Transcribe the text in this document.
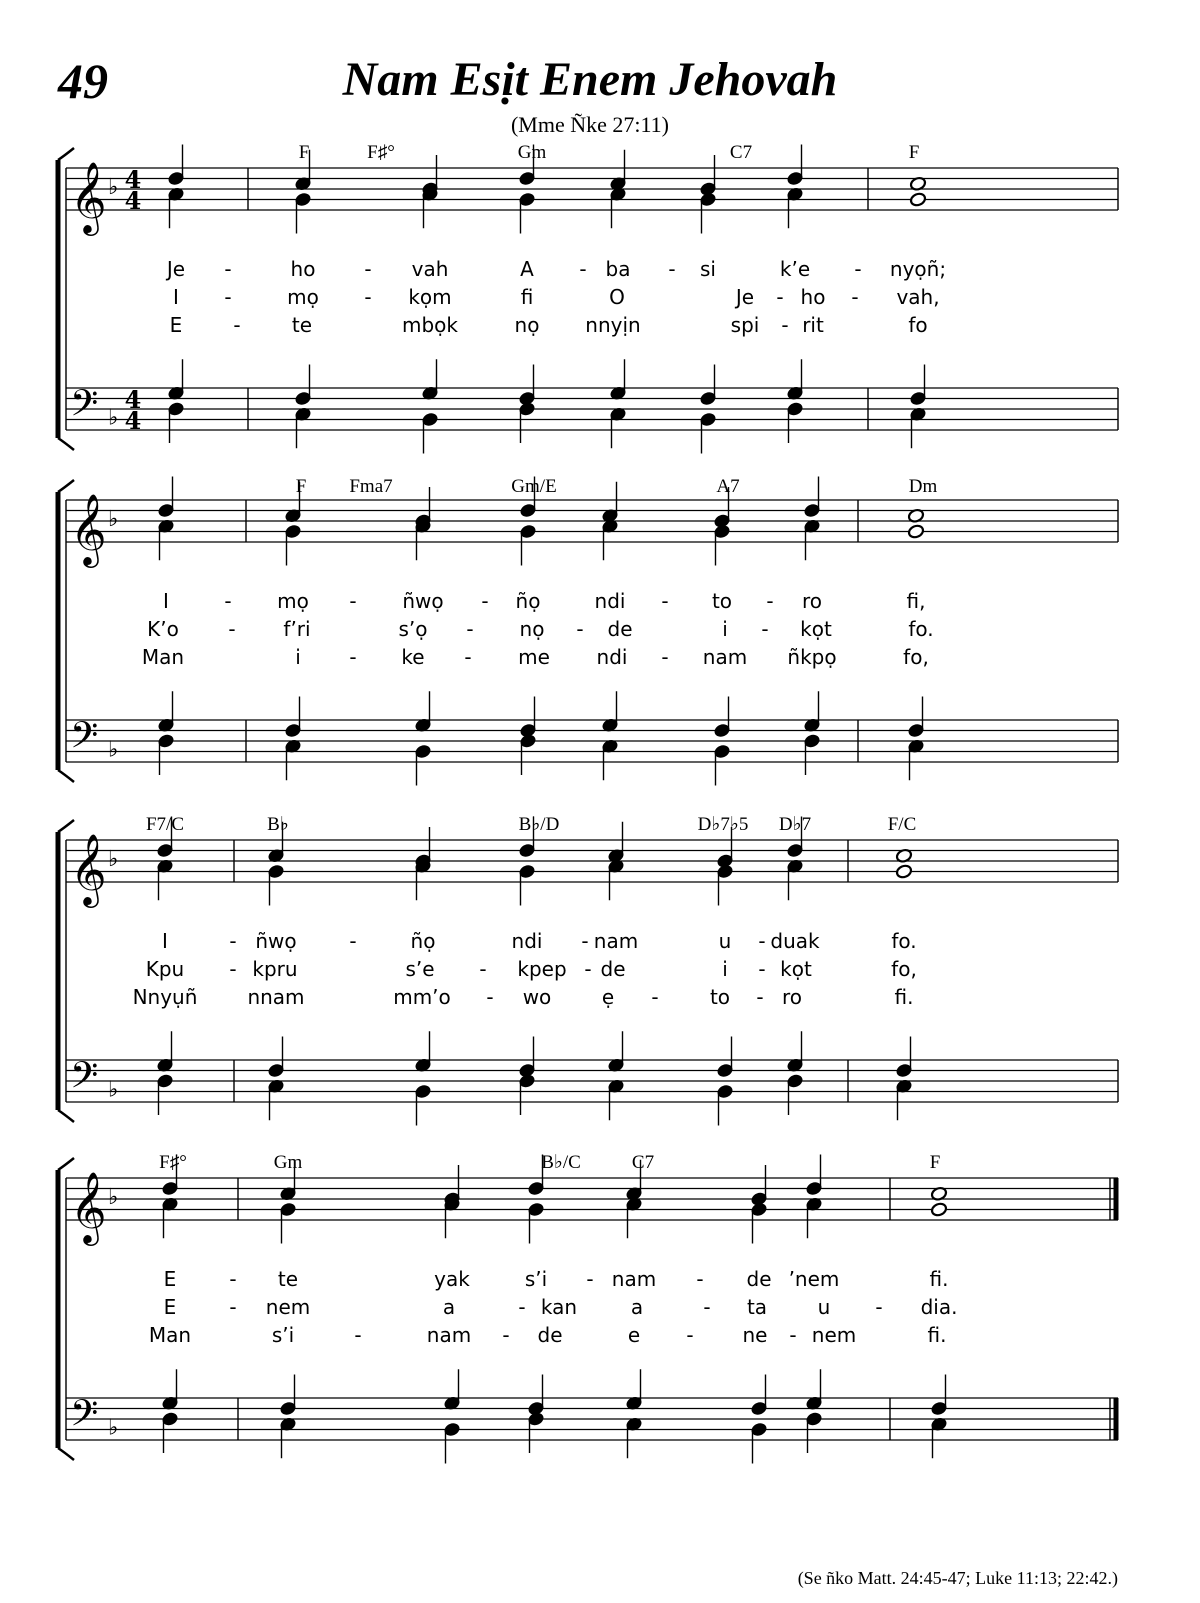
49	Nam Esịt Enem Jehovah
(Mme Ñke 27:11)
𝄞
𝄢
♭
♭
4
4
4
4
F	F♯°	Gm	C7	F
Je -	ho - vah	A - ba - si	k’e - nyọñ;
I -	mọ - kọm	fi	O	Je - ho - vah,
E	-	te	mbọk	nọ nnyịn	spi - rit	fo
𝄞
𝄢
♭
♭
F Fma7	Gm/E	A7	Dm
I	- mọ - ñwọ - ñọ	ndi - to - ro	fi,
K’o - f’ri	s’ọ - nọ - de	i - kọt	fo.
Man	i - ke - me ndi - nam ñkpọ	fo,
𝄞
𝄢
♭
♭
F7/C	B♭	B♭/D	D♭7♭5 D♭7	F/C
I	- ñwọ	-	ñọ	ndi - nam	u - duak	fo.
Kpu - kpru	s’e - kpep - de	i - kọt	fo,
Nnyụñ	nnam	mm’o - wo	ẹ -	to - ro	fi.
𝄞
𝄢
♭
♭
F♯°	Gm	B♭/C	C7	F
E	- te	yak	s’i - nam - de ’nem	fi.
E	- nem	a	- kan	a	- ta	u - dia.
Man	s’i	-	nam - de	e - ne - nem	fi.
(Se ñko Matt. 24:45-47; Luke 11:13; 22:42.)
